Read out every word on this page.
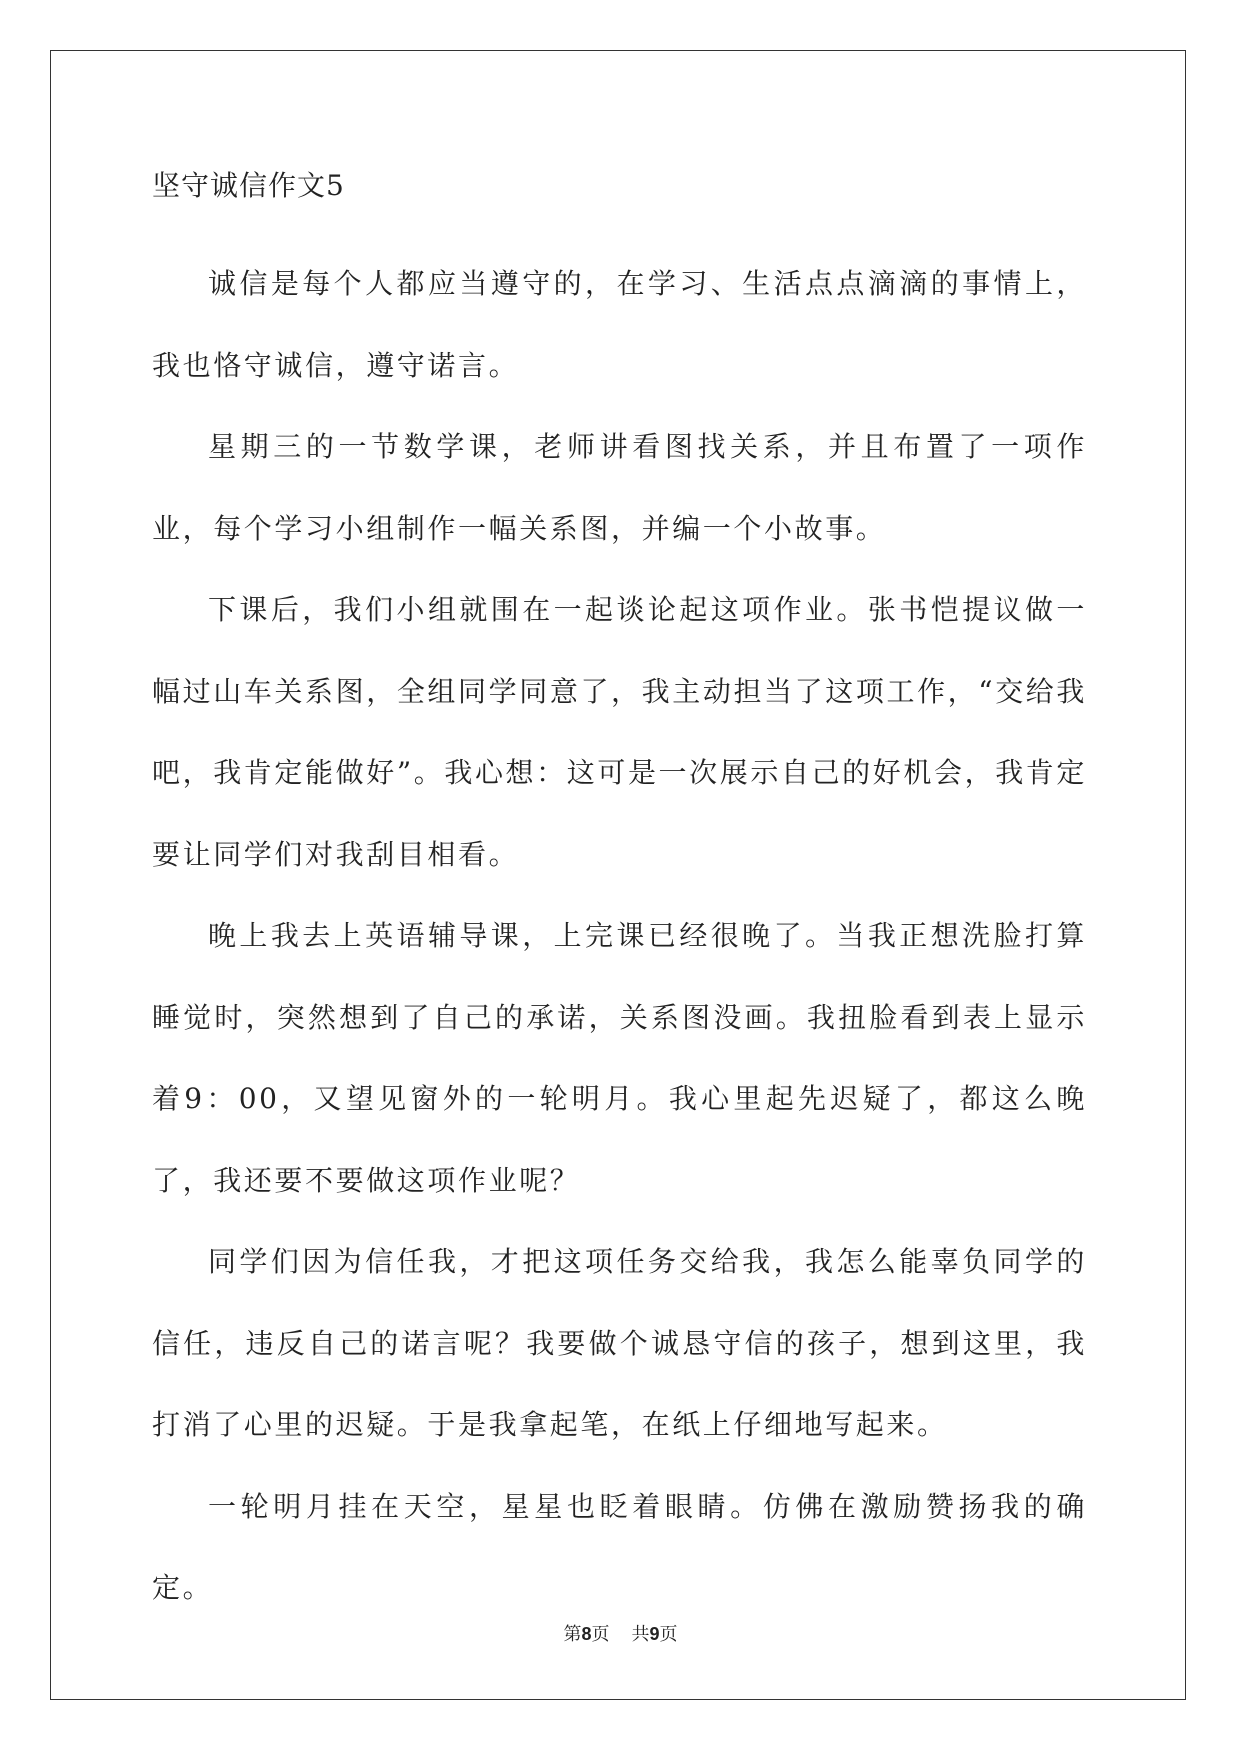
坚守诚信作文5

诚信是每个人都应当遵守的，在学习、生活点点滴滴的事情上，我也恪守诚信，遵守诺言。

星期三的一节数学课，老师讲看图找关系，并且布置了一项作业，每个学习小组制作一幅关系图，并编一个小故事。

下课后，我们小组就围在一起谈论起这项作业。张书恺提议做一幅过山车关系图，全组同学同意了，我主动担当了这项工作，“交给我吧，我肯定能做好”。我心想：这可是一次展示自己的好机会，我肯定要让同学们对我刮目相看。

晚上我去上英语辅导课，上完课已经很晚了。当我正想洗脸打算睡觉时，突然想到了自己的承诺，关系图没画。我扭脸看到表上显示着9：00，又望见窗外的一轮明月。我心里起先迟疑了，都这么晚了，我还要不要做这项作业呢？

同学们因为信任我，才把这项任务交给我，我怎么能辜负同学的信任，违反自己的诺言呢？我要做个诚恳守信的孩子，想到这里，我打消了心里的迟疑。于是我拿起笔，在纸上仔细地写起来。

一轮明月挂在天空，星星也眨着眼睛。仿佛在激励赞扬我的确定。

第8页 共9页
